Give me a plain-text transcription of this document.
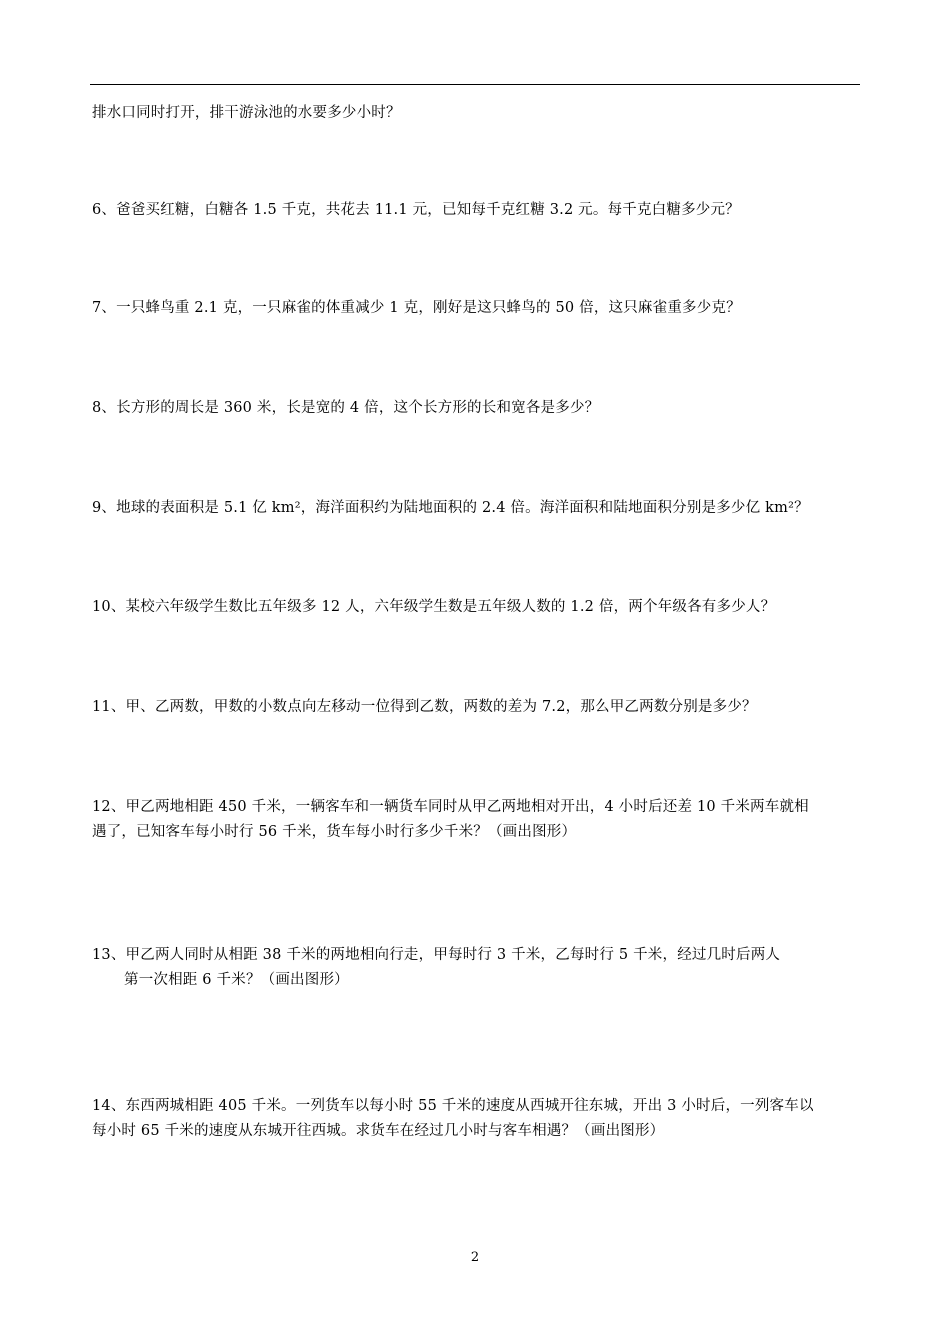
排水口同时打开，排干游泳池的水要多少小时？
6、爸爸买红糖，白糖各 1.5 千克，共花去 11.1 元，已知每千克红糖 3.2 元。每千克白糖多少元？
7、一只蜂鸟重 2.1 克，一只麻雀的体重减少 1 克，刚好是这只蜂鸟的 50 倍，这只麻雀重多少克？
8、长方形的周长是 360 米，长是宽的 4 倍，这个长方形的长和宽各是多少？
9、地球的表面积是 5.1 亿 km²，海洋面积约为陆地面积的 2.4 倍。海洋面积和陆地面积分别是多少亿 km²？
10、某校六年级学生数比五年级多 12 人，六年级学生数是五年级人数的 1.2 倍，两个年级各有多少人？
11、甲、乙两数，甲数的小数点向左移动一位得到乙数，两数的差为 7.2，那么甲乙两数分别是多少？
12、甲乙两地相距 450 千米，一辆客车和一辆货车同时从甲乙两地相对开出，4 小时后还差 10 千米两车就相
遇了，已知客车每小时行 56 千米，货车每小时行多少千米？（画出图形）
13、甲乙两人同时从相距 38 千米的两地相向行走，甲每时行 3 千米，乙每时行 5 千米，经过几时后两人
第一次相距 6 千米？（画出图形）
14、东西两城相距 405 千米。一列货车以每小时 55 千米的速度从西城开往东城，开出 3 小时后，一列客车以
每小时 65 千米的速度从东城开往西城。求货车在经过几小时与客车相遇？（画出图形）
2
